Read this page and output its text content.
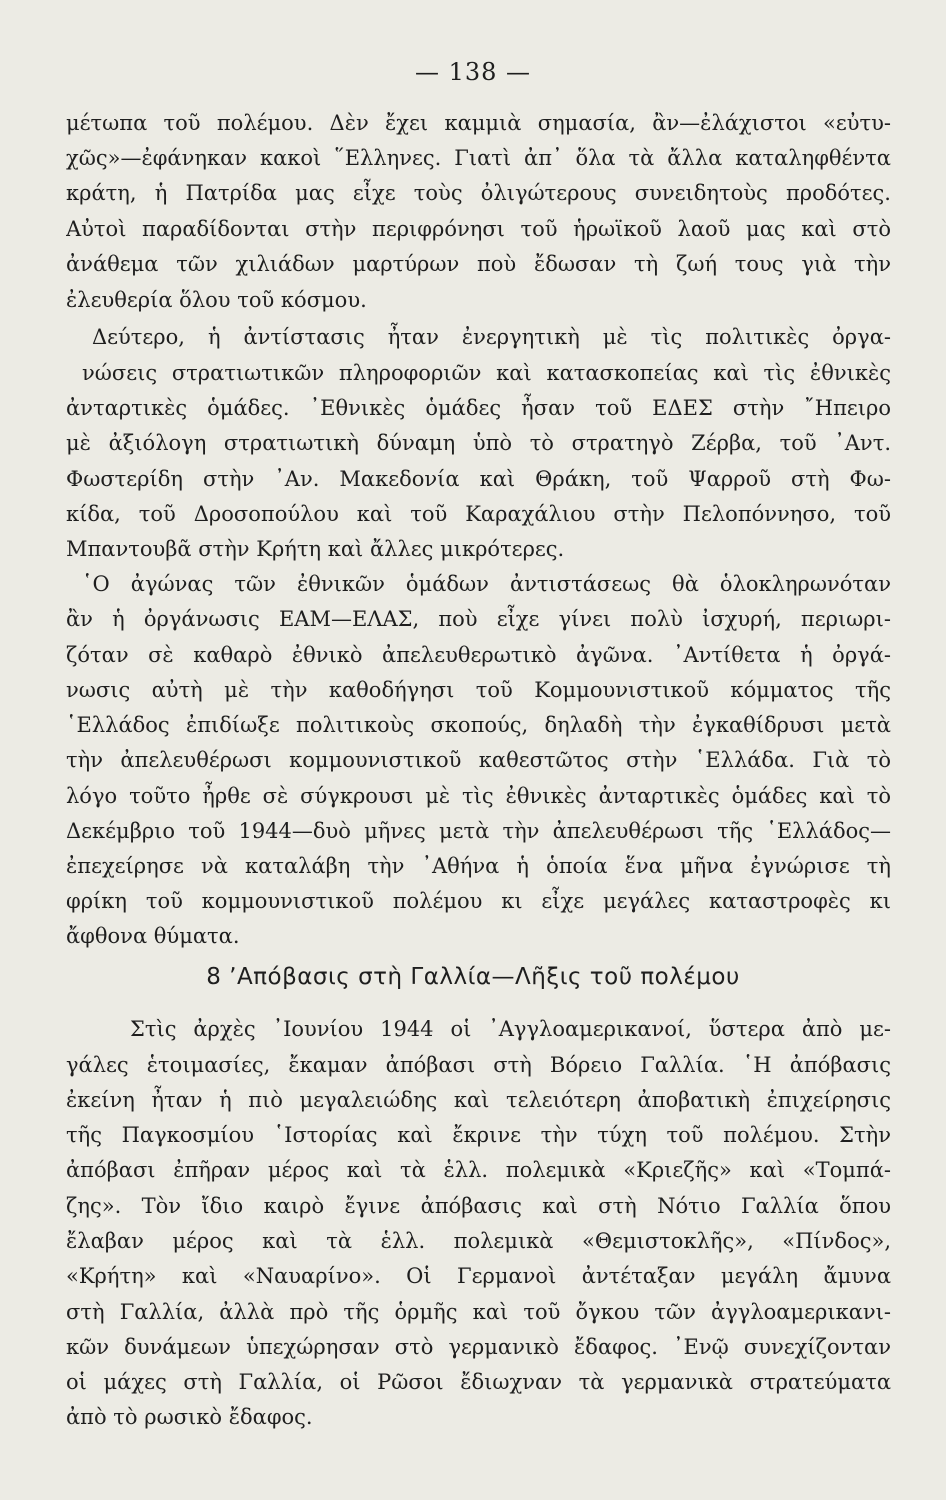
— 138 —

μέτωπα τοῦ πολέμου. Δὲν ἔχει καμμιὰ σημασία, ἂν—ἐλάχιστοι «εὐτυ-

χῶς»—ἐφάνηκαν κακοὶ ῞Ελληνες. Γιατὶ ἀπ᾽ ὅλα τὰ ἄλλα καταληφθέντα

κράτη, ἡ Πατρίδα μας εἶχε τοὺς ὀλιγώτερους συνειδητοὺς προδότες.

Αὐτοὶ παραδίδονται στὴν περιφρόνησι τοῦ ἡρωϊκοῦ λαοῦ μας καὶ στὸ

ἀνάθεμα τῶν χιλιάδων μαρτύρων ποὺ ἔδωσαν τὴ ζωή τους γιὰ τὴν

ἐλευθερία ὅλου τοῦ κόσμου.

Δεύτερο, ἡ ἀντίστασις ἦταν ἐνεργητικὴ μὲ τὶς πολιτικὲς ὀργα-

νώσεις στρατιωτικῶν πληροφοριῶν καὶ κατασκοπείας καὶ τὶς ἐθνικὲς

ἀνταρτικὲς ὁμάδες. ᾽Εθνικὲς ὁμάδες ἦσαν τοῦ ΕΔΕΣ στὴν ῎Ηπειρο

μὲ ἀξιόλογη στρατιωτικὴ δύναμη ὑπὸ τὸ στρατηγὸ Ζέρβα, τοῦ ᾽Αντ.

Φωστερίδη στὴν ᾽Αν. Μακεδονία καὶ Θράκη, τοῦ Ψαρροῦ στὴ Φω-

κίδα, τοῦ Δροσοπούλου καὶ τοῦ Καραχάλιου στὴν Πελοπόννησο, τοῦ

Μπαντουβᾶ στὴν Κρήτη καὶ ἄλλες μικρότερες.

῾Ο ἀγώνας τῶν ἐθνικῶν ὁμάδων ἀντιστάσεως θὰ ὁλοκληρωνόταν

ἂν ἡ ὀργάνωσις ΕΑΜ—ΕΛΑΣ, ποὺ εἶχε γίνει πολὺ ἰσχυρή, περιωρι-

ζόταν σὲ καθαρὸ ἐθνικὸ ἀπελευθερωτικὸ ἀγῶνα. ᾽Αντίθετα ἡ ὀργά-

νωσις αὐτὴ μὲ τὴν καθοδήγησι τοῦ Κομμουνιστικοῦ κόμματος τῆς

῾Ελλάδος ἐπιδίωξε πολιτικοὺς σκοπούς, δηλαδὴ τὴν ἐγκαθίδρυσι μετὰ

τὴν ἀπελευθέρωσι κομμουνιστικοῦ καθεστῶτος στὴν ῾Ελλάδα. Γιὰ τὸ

λόγο τοῦτο ἦρθε σὲ σύγκρουσι μὲ τὶς ἐθνικὲς ἀνταρτικὲς ὁμάδες καὶ τὸ

Δεκέμβριο τοῦ 1944—δυὸ μῆνες μετὰ τὴν ἀπελευθέρωσι τῆς ῾Ελλάδος—

ἐπεχείρησε νὰ καταλάβη τὴν ᾽Αθήνα ἡ ὁποία ἕνα μῆνα ἐγνώρισε τὴ

φρίκη τοῦ κομμουνιστικοῦ πολέμου κι εἶχε μεγάλες καταστροφὲς κι

ἄφθονα θύματα.

8 ʼΑπόβασις στὴ Γαλλία—Λῆξις τοῦ πολέμου

Στὶς ἀρχὲς ᾽Ιουνίου 1944 οἱ ᾽Αγγλοαμερικανοί, ὕστερα ἀπὸ με-

γάλες ἑτοιμασίες, ἔκαμαν ἀπόβασι στὴ Βόρειο Γαλλία. ῾Η ἀπόβασις

ἐκείνη ἦταν ἡ πιὸ μεγαλειώδης καὶ τελειότερη ἀποβατικὴ ἐπιχείρησις

τῆς Παγκοσμίου ῾Ιστορίας καὶ ἔκρινε τὴν τύχη τοῦ πολέμου. Στὴν

ἀπόβασι ἐπῆραν μέρος καὶ τὰ ἑλλ. πολεμικὰ «Κριεζῆς» καὶ «Τομπά-

ζης». Τὸν ἴδιο καιρὸ ἔγινε ἀπόβασις καὶ στὴ Νότιο Γαλλία ὅπου

ἔλαβαν μέρος καὶ τὰ ἑλλ. πολεμικὰ «Θεμιστοκλῆς», «Πίνδος»,

«Κρήτη» καὶ «Ναυαρίνο». Οἱ Γερμανοὶ ἀντέταξαν μεγάλη ἄμυνα

στὴ Γαλλία, ἀλλὰ πρὸ τῆς ὁρμῆς καὶ τοῦ ὄγκου τῶν ἀγγλοαμερικανι-

κῶν δυνάμεων ὑπεχώρησαν στὸ γερμανικὸ ἔδαφος. ᾽Ενῷ συνεχίζονταν

οἱ μάχες στὴ Γαλλία, οἱ Ρῶσοι ἔδιωχναν τὰ γερμανικὰ στρατεύματα

ἀπὸ τὸ ρωσικὸ ἔδαφος.
